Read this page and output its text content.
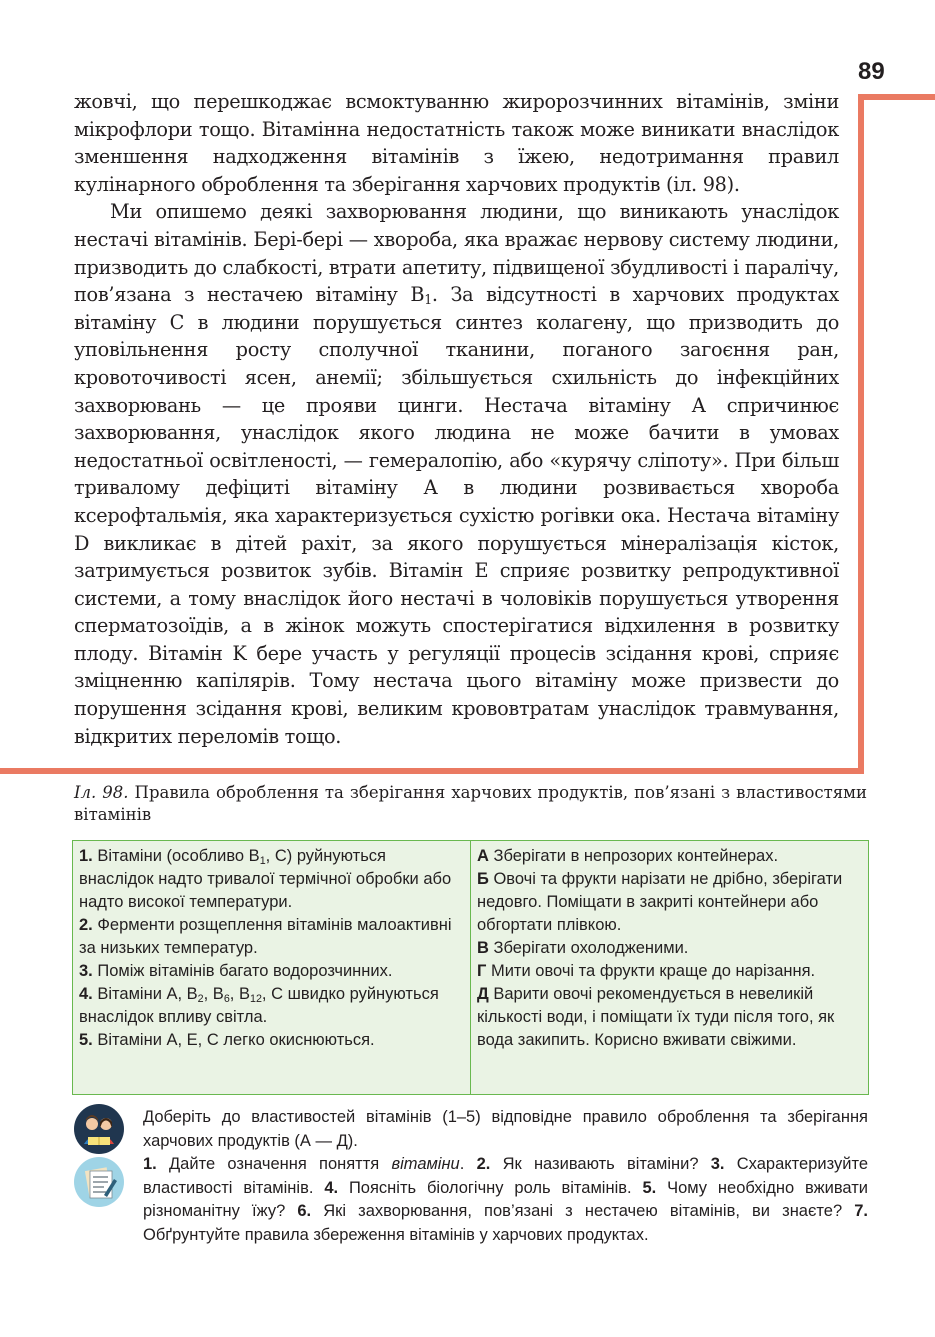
89

жовчі, що перешкоджає всмоктуванню жиророзчинних вітамінів, зміни мікрофлори тощо. Вітамінна недостатність також може виникати внаслідок зменшення надходження вітамінів з їжею, недотримання правил кулінарного оброблення та зберігання харчових продуктів (іл. 98).

Ми опишемо деякі захворювання людини, що виникають унаслідок нестачі вітамінів. Бері-бері — хвороба, яка вражає нервову систему людини, призводить до слабкості, втрати апетиту, підвищеної збудливості і паралічу, пов’язана з нестачею вітаміну $В_1$. За відсутності в харчових продуктах вітаміну С в людини порушується синтез колагену, що призводить до уповільнення росту сполучної тканини, поганого загоєння ран, кровоточивості ясен, анемії; збільшується схильність до інфекційних захворювань — це прояви цинги. Нестача вітаміну А спричинює захворювання, унаслідок якого людина не може бачити в умовах недостатньої освітленості, — гемералопію, або «курячу сліпоту». При більш тривалому дефіциті вітаміну А в людини розвивається хвороба ксерофтальмія, яка характеризується сухістю рогівки ока. Нестача вітаміну D викликає в дітей рахіт, за якого порушується мінералізація кісток, затримується розвиток зубів. Вітамін Е сприяє розвитку репродуктивної системи, а тому внаслідок його нестачі в чоловіків порушується утворення сперматозоїдів, а в жінок можуть спостерігатися відхилення в розвитку плоду. Вітамін K бере участь у регуляції процесів зсідання крові, сприяє зміцненню капілярів. Тому нестача цього вітаміну може призвести до порушення зсідання крові, великим крововтратам унаслідок травмування, відкритих переломів тощо.

Іл. 98. Правила оброблення та зберігання харчових продуктів, пов’язані з властивостями вітамінів

1. Вітаміни (особливо $В_1$, С) руйнуються внаслідок надто тривалої термічної обробки або надто високої температури.

2. Ферменти розщеплення вітамінів малоактивні за низьких температур.

3. Поміж вітамінів багато водорозчинних.

4. Вітаміни А, $В_2$, $В_6$, $В_{12}$, С швидко руйнуються внаслідок впливу світла.

5. Вітаміни А, Е, С легко окиснюються.

А Зберігати в непрозорих контейнерах.

Б Овочі та фрукти нарізати не дрібно, зберігати недовго. Поміщати в закриті контейнери або обгортати плівкою.

В Зберігати охолодженими.

Г Мити овочі та фрукти краще до нарізання.

Д Варити овочі рекомендується в невеликій кількості води, і поміщати їх туди після того, як вода закипить. Корисно вживати свіжими.

Доберіть до властивостей вітамінів (1–5) відповідне правило оброблення та зберігання харчових продуктів (А — Д).

1. Дайте означення поняття вітаміни. 2. Як називають вітаміни? 3. Схарактеризуйте властивості вітамінів. 4. Поясніть біологічну роль вітамінів. 5. Чому необхідно вживати різноманітну їжу? 6. Які захворювання, пов’язані з нестачею вітамінів, ви знаєте? 7. Обґрунтуйте правила збереження вітамінів у харчових продуктах.
